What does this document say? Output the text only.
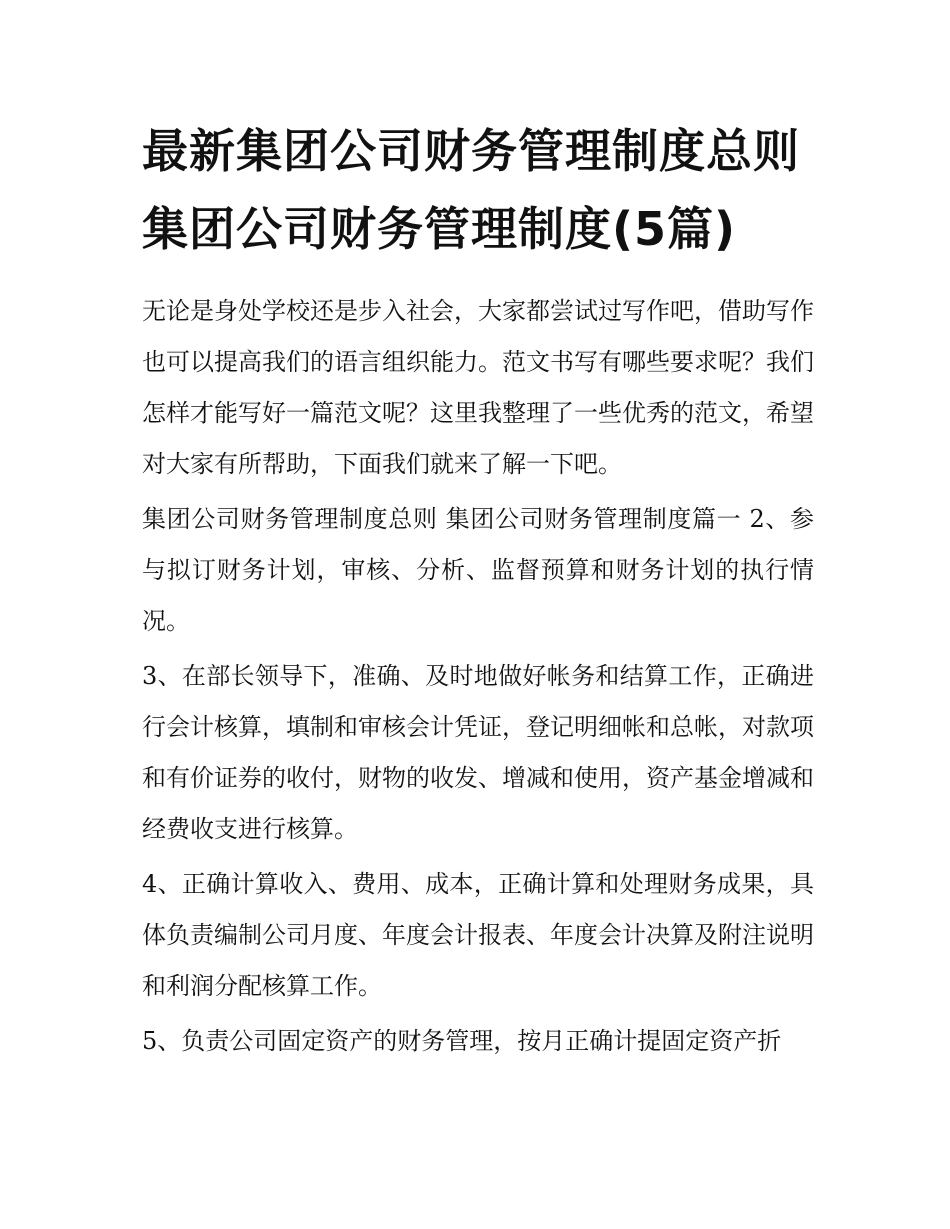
最新集团公司财务管理制度总则 集团公司财务管理制度(5篇)

无论是身处学校还是步入社会，大家都尝试过写作吧，借助写作也可以提高我们的语言组织能力。范文书写有哪些要求呢？我们怎样才能写好一篇范文呢？这里我整理了一些优秀的范文，希望对大家有所帮助，下面我们就来了解一下吧。

集团公司财务管理制度总则 集团公司财务管理制度篇一 2、参与拟订财务计划，审核、分析、监督预算和财务计划的执行情况。

3、在部长领导下，准确、及时地做好帐务和结算工作，正确进行会计核算，填制和审核会计凭证，登记明细帐和总帐，对款项和有价证券的收付，财物的收发、增减和使用，资产基金增减和经费收支进行核算。

4、正确计算收入、费用、成本，正确计算和处理财务成果，具体负责编制公司月度、年度会计报表、年度会计决算及附注说明和利润分配核算工作。

5、负责公司固定资产的财务管理，按月正确计提固定资产折
